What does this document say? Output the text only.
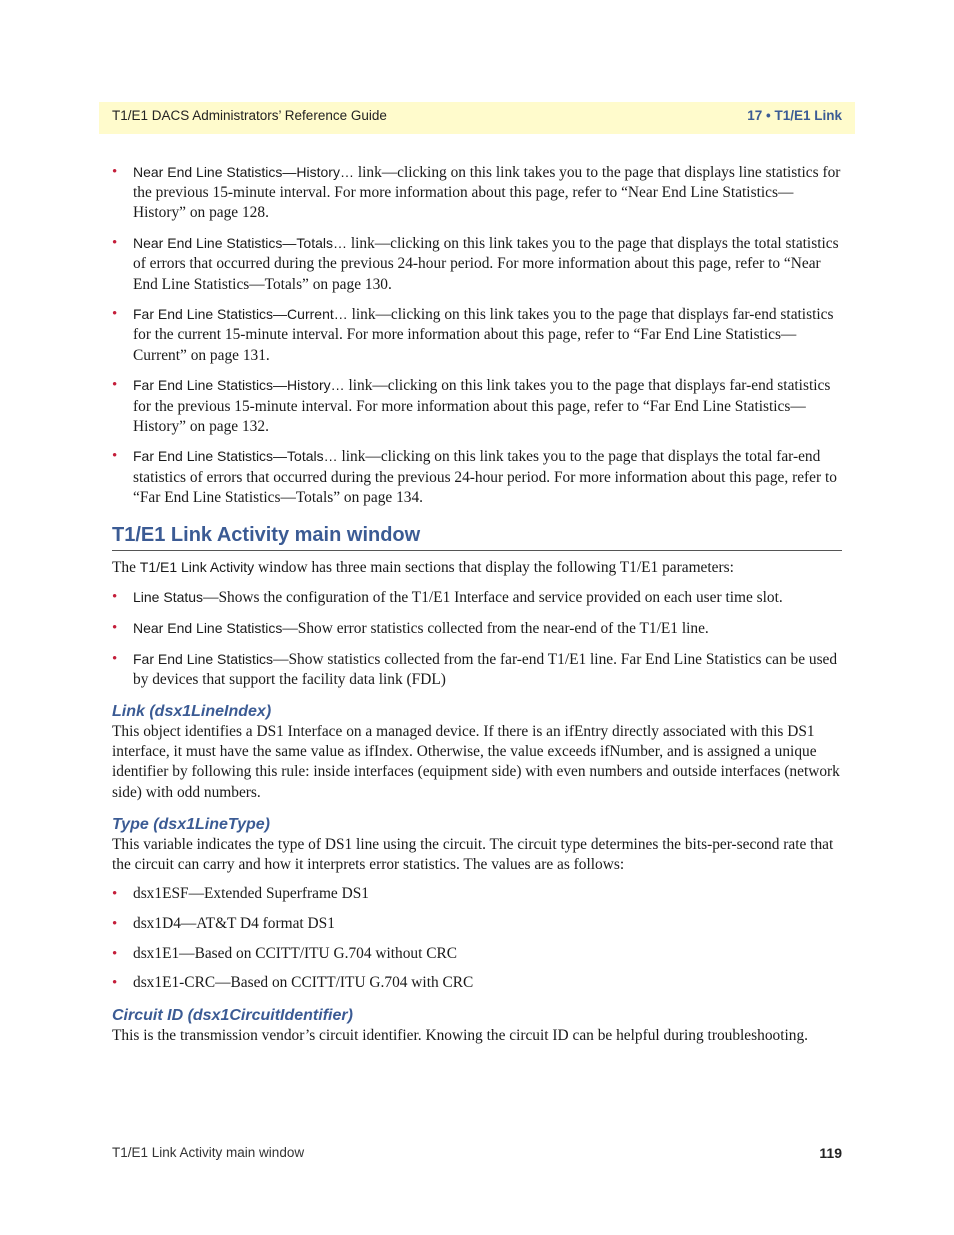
T1/E1 DACS Administrators’ Reference Guide	17 • T1/E1 Link
• Near End Line Statistics—History… link—clicking on this link takes you to the page that displays line statistics for the previous 15-minute interval. For more information about this page, refer to “Near End Line Statistics—History” on page 128.
• Near End Line Statistics—Totals… link—clicking on this link takes you to the page that displays the total statistics of errors that occurred during the previous 24-hour period. For more information about this page, refer to “Near End Line Statistics—Totals” on page 130.
• Far End Line Statistics—Current… link—clicking on this link takes you to the page that displays far-end statistics for the current 15-minute interval. For more information about this page, refer to “Far End Line Statistics—Current” on page 131.
• Far End Line Statistics—History… link—clicking on this link takes you to the page that displays far-end statistics for the previous 15-minute interval. For more information about this page, refer to “Far End Line Statistics—History” on page 132.
• Far End Line Statistics—Totals… link—clicking on this link takes you to the page that displays the total far-end statistics of errors that occurred during the previous 24-hour period. For more information about this page, refer to “Far End Line Statistics—Totals” on page 134.
T1/E1 Link Activity main window

The T1/E1 Link Activity window has three main sections that display the following T1/E1 parameters:

• Line Status—Shows the configuration of the T1/E1 Interface and service provided on each user time slot.
• Near End Line Statistics—Show error statistics collected from the near-end of the T1/E1 line.
• Far End Line Statistics—Show statistics collected from the far-end T1/E1 line. Far End Line Statistics can be used by devices that support the facility data link (FDL)
Link (dsx1LineIndex)

This object identifies a DS1 Interface on a managed device. If there is an ifEntry directly associated with this DS1 interface, it must have the same value as ifIndex. Otherwise, the value exceeds ifNumber, and is assigned a unique identifier by following this rule: inside interfaces (equipment side) with even numbers and outside interfaces (network side) with odd numbers.

Type (dsx1LineType)

This variable indicates the type of DS1 line using the circuit. The circuit type determines the bits-per-second rate that the circuit can carry and how it interprets error statistics. The values are as follows:

• dsx1ESF—Extended Superframe DS1
• dsx1D4—AT&T D4 format DS1
• dsx1E1—Based on CCITT/ITU G.704 without CRC
• dsx1E1-CRC—Based on CCITT/ITU G.704 with CRC
Circuit ID (dsx1CircuitIdentifier)

This is the transmission vendor’s circuit identifier. Knowing the circuit ID can be helpful during troubleshooting.

T1/E1 Link Activity main window	119
